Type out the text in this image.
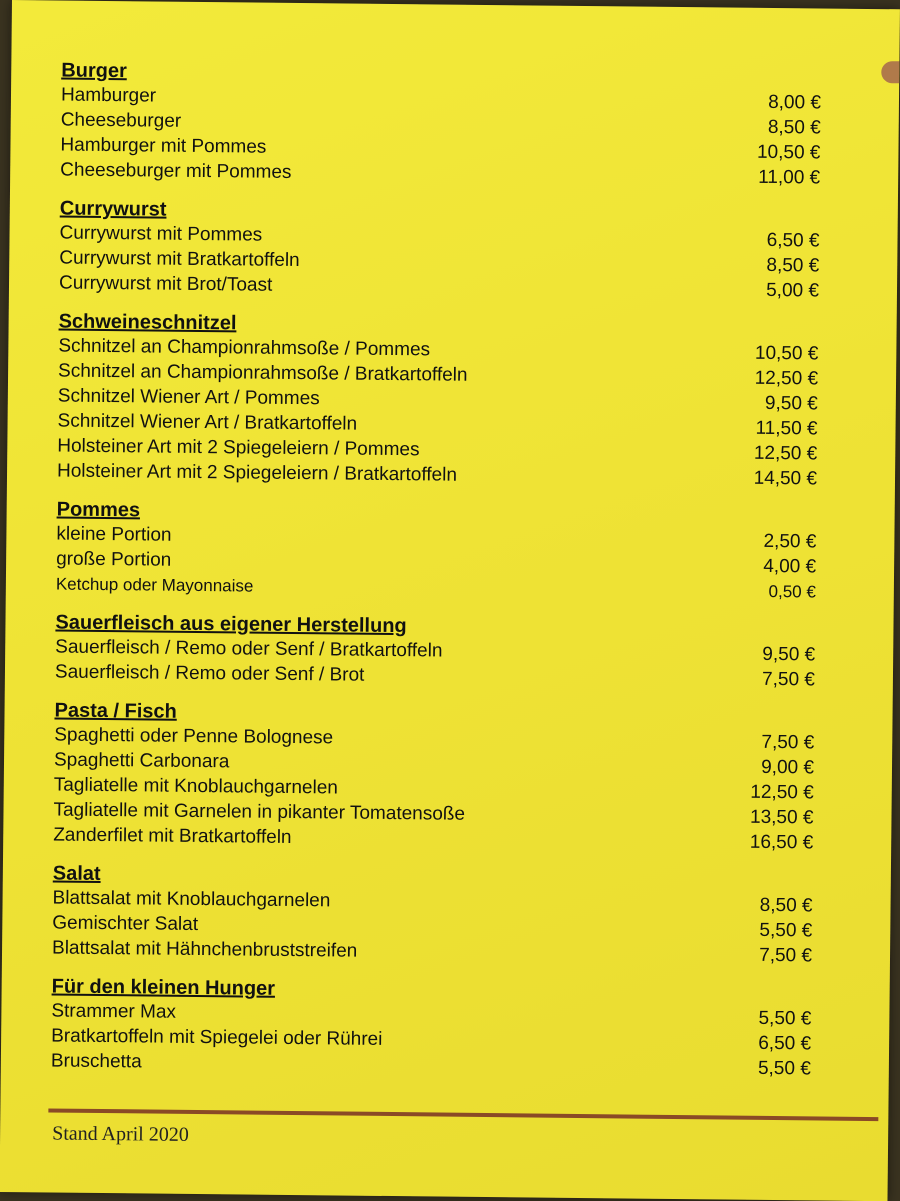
Burger
Hamburger	8,00 €
Cheeseburger	8,50 €
Hamburger mit Pommes	10,50 €
Cheeseburger mit Pommes	11,00 €
Currywurst
Currywurst mit Pommes	6,50 €
Currywurst mit Bratkartoffeln	8,50 €
Currywurst mit Brot/Toast	5,00 €
Schweineschnitzel
Schnitzel an Championrahmsoße / Pommes	10,50 €
Schnitzel an Championrahmsoße / Bratkartoffeln	12,50 €
Schnitzel Wiener Art / Pommes	9,50 €
Schnitzel Wiener Art / Bratkartoffeln	11,50 €
Holsteiner Art mit 2 Spiegeleiern / Pommes	12,50 €
Holsteiner Art mit 2 Spiegeleiern / Bratkartoffeln	14,50 €
Pommes
kleine Portion	2,50 €
große Portion	4,00 €
Ketchup oder Mayonnaise	0,50 €
Sauerfleisch aus eigener Herstellung
Sauerfleisch / Remo oder Senf / Bratkartoffeln	9,50 €
Sauerfleisch / Remo oder Senf / Brot	7,50 €
Pasta / Fisch
Spaghetti oder Penne Bolognese	7,50 €
Spaghetti Carbonara	9,00 €
Tagliatelle mit Knoblauchgarnelen	12,50 €
Tagliatelle mit Garnelen in pikanter Tomatensoße	13,50 €
Zanderfilet mit Bratkartoffeln	16,50 €
Salat
Blattsalat mit Knoblauchgarnelen	8,50 €
Gemischter Salat	5,50 €
Blattsalat mit Hähnchenbruststreifen	7,50 €
Für den kleinen Hunger
Strammer Max	5,50 €
Bratkartoffeln mit Spiegelei oder Rührei	6,50 €
Bruschetta	5,50 €
Stand April 2020
